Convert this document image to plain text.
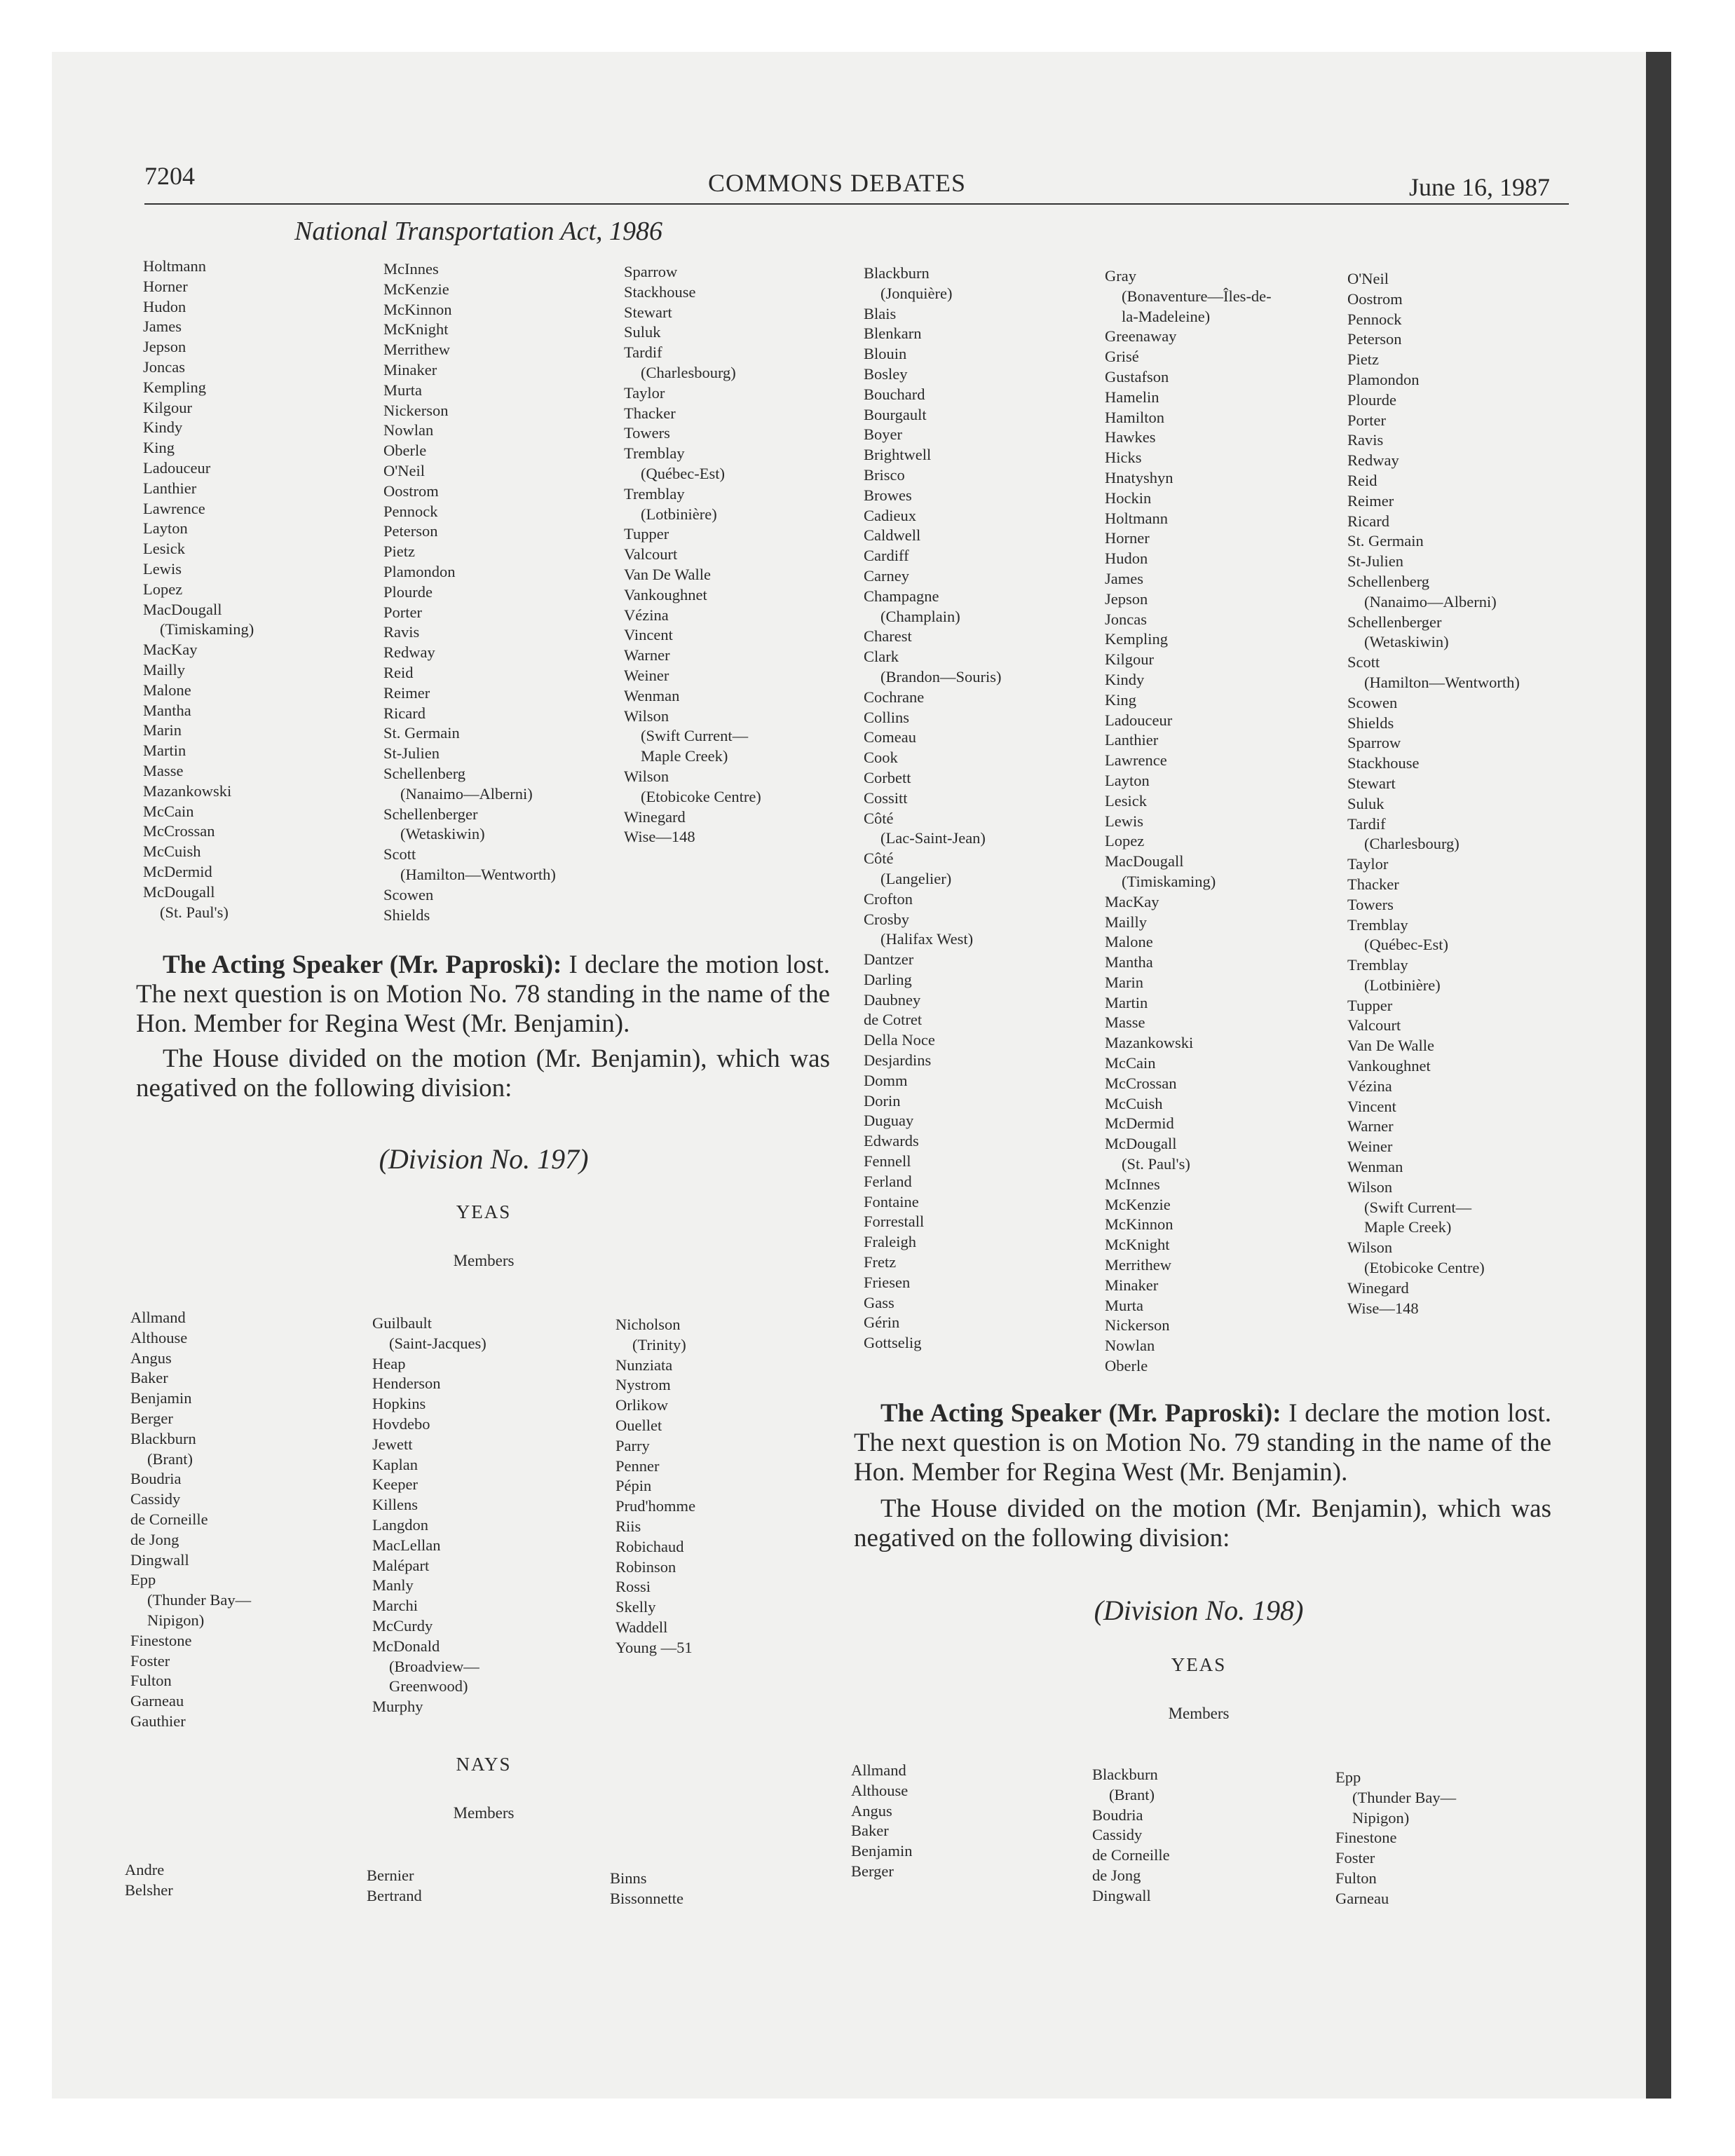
7204	COMMONS DEBATES	June 16, 1987
National Transportation Act, 1986
Holtmann
Horner
Hudon
James
Jepson
Joncas
Kempling
Kilgour
Kindy
King
Ladouceur
Lanthier
Lawrence
Layton
Lesick
Lewis
Lopez
MacDougall
(Timiskaming)
MacKay
Mailly
Malone
Mantha
Marin
Martin
Masse
Mazankowski
McCain
McCrossan
McCuish
McDermid
McDougall
(St. Paul's)
McInnes
McKenzie
McKinnon
McKnight
Merrithew
Minaker
Murta
Nickerson
Nowlan
Oberle
O'Neil
Oostrom
Pennock
Peterson
Pietz
Plamondon
Plourde
Porter
Ravis
Redway
Reid
Reimer
Ricard
St. Germain
St-Julien
Schellenberg
(Nanaimo—Alberni)
Schellenberger
(Wetaskiwin)
Scott
(Hamilton—Wentworth)
Scowen
Shields
Sparrow
Stackhouse
Stewart
Suluk
Tardif
(Charlesbourg)
Taylor
Thacker
Towers
Tremblay
(Québec-Est)
Tremblay
(Lotbinière)
Tupper
Valcourt
Van De Walle
Vankoughnet
Vézina
Vincent
Warner
Weiner
Wenman
Wilson
(Swift Current—
Maple Creek)
Wilson
(Etobicoke Centre)
Winegard
Wise—148

The Acting Speaker (Mr. Paproski): I declare the motion lost. The next question is on Motion No. 78 standing in the name of the Hon. Member for Regina West (Mr. Benjamin).

The House divided on the motion (Mr. Benjamin), which was negatived on the following division:

(Division No. 197)
YEAS
Members
Allmand
Althouse
Angus
Baker
Benjamin
Berger
Blackburn
(Brant)
Boudria
Cassidy
de Corneille
de Jong
Dingwall
Epp
(Thunder Bay—
Nipigon)
Finestone
Foster
Fulton
Garneau
Gauthier
Guilbault
(Saint-Jacques)
Heap
Henderson
Hopkins
Hovdebo
Jewett
Kaplan
Keeper
Killens
Langdon
MacLellan
Malépart
Manly
Marchi
McCurdy
McDonald
(Broadview—
Greenwood)
Murphy
Nicholson
(Trinity)
Nunziata
Nystrom
Orlikow
Ouellet
Parry
Penner
Pépin
Prud'homme
Riis
Robichaud
Robinson
Rossi
Skelly
Waddell
Young —51
NAYS
Members
Andre
Belsher
Bernier
Bertrand
Binns
Bissonnette
Blackburn
(Jonquière)
Blais
Blenkarn
Blouin
Bosley
Bouchard
Bourgault
Boyer
Brightwell
Brisco
Browes
Cadieux
Caldwell
Cardiff
Carney
Champagne
(Champlain)
Charest
Clark
(Brandon—Souris)
Cochrane
Collins
Comeau
Cook
Corbett
Cossitt
Côté
(Lac-Saint-Jean)
Côté
(Langelier)
Crofton
Crosby
(Halifax West)
Dantzer
Darling
Daubney
de Cotret
Della Noce
Desjardins
Domm
Dorin
Duguay
Edwards
Fennell
Ferland
Fontaine
Forrestall
Fraleigh
Fretz
Friesen
Gass
Gérin
Gottselig
Gray
(Bonaventure—Îles-de-
la-Madeleine)
Greenaway
Grisé
Gustafson
Hamelin
Hamilton
Hawkes
Hicks
Hnatyshyn
Hockin
Holtmann
Horner
Hudon
James
Jepson
Joncas
Kempling
Kilgour
Kindy
King
Ladouceur
Lanthier
Lawrence
Layton
Lesick
Lewis
Lopez
MacDougall
(Timiskaming)
MacKay
Mailly
Malone
Mantha
Marin
Martin
Masse
Mazankowski
McCain
McCrossan
McCuish
McDermid
McDougall
(St. Paul's)
McInnes
McKenzie
McKinnon
McKnight
Merrithew
Minaker
Murta
Nickerson
Nowlan
Oberle
O'Neil
Oostrom
Pennock
Peterson
Pietz
Plamondon
Plourde
Porter
Ravis
Redway
Reid
Reimer
Ricard
St. Germain
St-Julien
Schellenberg
(Nanaimo—Alberni)
Schellenberger
(Wetaskiwin)
Scott
(Hamilton—Wentworth)
Scowen
Shields
Sparrow
Stackhouse
Stewart
Suluk
Tardif
(Charlesbourg)
Taylor
Thacker
Towers
Tremblay
(Québec-Est)
Tremblay
(Lotbinière)
Tupper
Valcourt
Van De Walle
Vankoughnet
Vézina
Vincent
Warner
Weiner
Wenman
Wilson
(Swift Current—
Maple Creek)
Wilson
(Etobicoke Centre)
Winegard
Wise—148

The Acting Speaker (Mr. Paproski): I declare the motion lost. The next question is on Motion No. 79 standing in the name of the Hon. Member for Regina West (Mr. Benjamin).

The House divided on the motion (Mr. Benjamin), which was negatived on the following division:

(Division No. 198)
YEAS
Members
Allmand
Althouse
Angus
Baker
Benjamin
Berger
Blackburn
(Brant)
Boudria
Cassidy
de Corneille
de Jong
Dingwall
Epp
(Thunder Bay—
Nipigon)
Finestone
Foster
Fulton
Garneau
